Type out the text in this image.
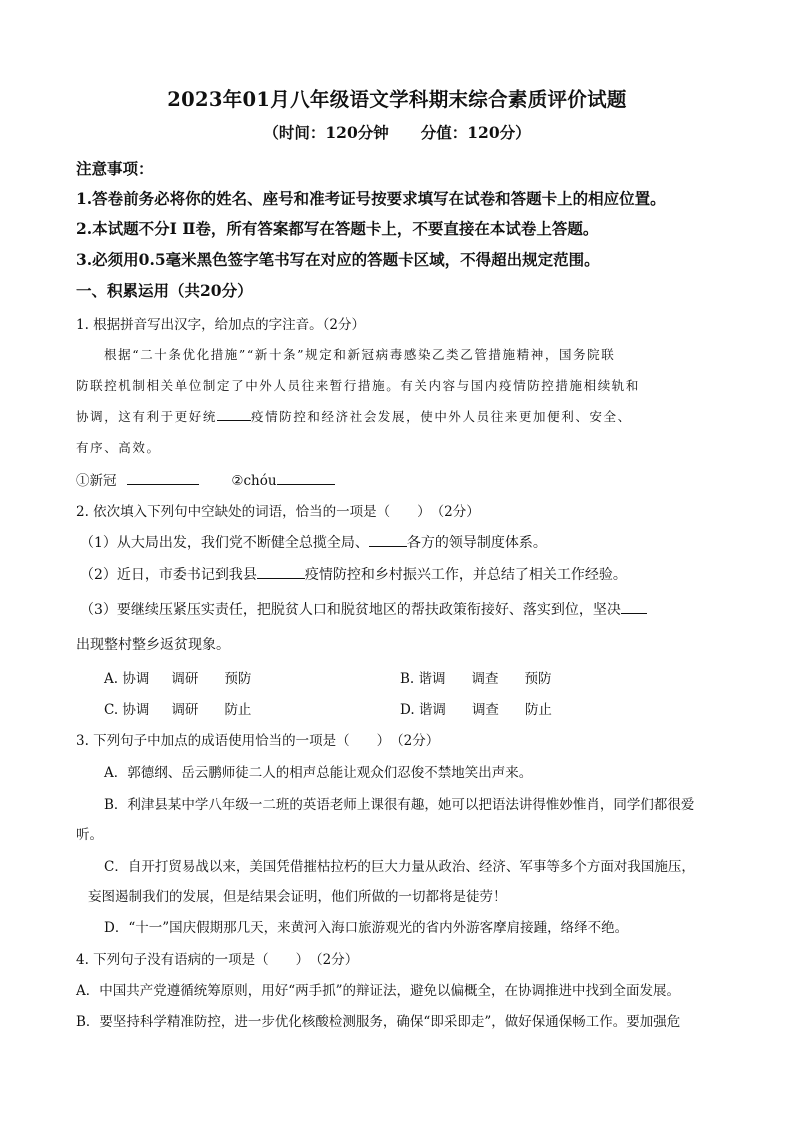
2023年01月八年级语文学科期末综合素质评价试题
（时间：120分钟 分值：120分）
注意事项：
1.答卷前务必将你的姓名、座号和准考证号按要求填写在试卷和答题卡上的相应位置。
2.本试题不分Ⅰ Ⅱ卷，所有答案都写在答题卡上，不要直接在本试卷上答题。
3.必须用0.5毫米黑色签字笔书写在对应的答题卡区域，不得超出规定范围。
一、积累运用（共20分）
1. 根据拼音写出汉字，给加点的字注音。（2分）
根据“二十条优化措施”“新十条”规定和新冠病毒感染乙类乙管措施精神，国务院联
防联控机制相关单位制定了中外人员往来暂行措施。有关内容与国内疫情防控措施相续轨和
协调，这有利于更好统	疫情防控和经济社会发展，使中外人员往来更加便利、安全、
有序、高效。
①新冠	②chóu
2. 依次填入下列句中空缺处的词语，恰当的一项是（　　）　（2分）
（1）从大局出发，我们党不断健全总揽全局、	各方的领导制度体系。
（2）近日，市委书记到我县	疫情防控和乡村振兴工作，并总结了相关工作经验。
（3）要继续压紧压实责任，把脱贫人口和脱贫地区的帮扶政策衔接好、落实到位，坚决
出现整村整乡返贫现象。
A. 协调 调研 预防	B. 谐调 调查 预防
C. 协调 调研 防止	D. 谐调 调查 防止
3. 下列句子中加点的成语使用恰当的一项是（　　）　（2分）
A．郭德纲、岳云鹏师徒二人的相声总能让观众们忍俊不禁地笑出声来。
B．利津县某中学八年级一二班的英语老师上课很有趣，她可以把语法讲得惟妙惟肖，同学们都很爱
听。
C．自开打贸易战以来，美国凭借摧枯拉朽的巨大力量从政治、经济、军事等多个方面对我国施压，
妄图遏制我们的发展，但是结果会证明，他们所做的一切都将是徒劳！
D．“十一”国庆假期那几天，来黄河入海口旅游观光的省内外游客摩肩接踵，络绎不绝。
4. 下列句子没有语病的一项是（　　）　（2分）
A．中国共产党遵循统筹原则，用好“两手抓”的辩证法，避免以偏概全，在协调推进中找到全面发展。
B．要坚持科学精准防控，进一步优化核酸检测服务，确保“即采即走”，做好保通保畅工作。要加强危
